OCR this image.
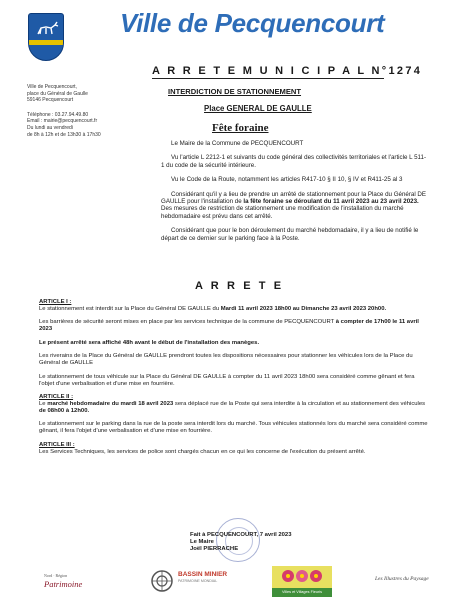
Ville de Pecquencourt
A R R E T E M U N I C I P A L N°1274
INTERDICTION DE STATIONNEMENT
Place GENERAL DE GAULLE
Fête foraine
Ville de Pecquencourt,
place du Général de Gaulle
59146 Pecquencourt
Téléphone : 03.27.94.49.80
Email : mairie@pecquencourt.fr
Du lundi au vendredi
de 8h à 12h et de 13h30 à 17h30

Le Maire de la Commune de PECQUENCOURT

Vu l'article L 2212-1 et suivants du code général des collectivités territoriales et l'article L 511-1 du code de la sécurité intérieure.

Vu le Code de la Route, notamment les articles R417-10 § II 10, § IV et R411-25 al 3

Considérant qu'il y a lieu de prendre un arrêté de stationnement pour la Place du Général DE GAULLE pour l'installation de la fête foraine se déroulant du 11 avril 2023 au 23 avril 2023. Des mesures de restriction de stationnement une modification de l'installation du marché hebdomadaire est prévu dans cet arrêté.

Considérant que pour le bon déroulement du marché hebdomadaire, il y a lieu de notifié le départ de ce dernier sur le parking face à la Poste.

A R R E T E

ARTICLE I :

Le stationnement est interdit sur la Place du Général DE GAULLE du Mardi 11 avril 2023 18h00 au Dimanche 23 avril 2023 20h00.

Les barrières de sécurité seront mises en place par les services technique de la commune de PECQUENCOURT à compter de 17h00 le 11 avril 2023

Le présent arrêté sera affiché 48h avant le début de l'installation des manèges.

Les riverains de la Place du Général de GAULLE prendront toutes les dispositions nécessaires pour stationner les véhicules lors de la Place du Général de GAULLE

Le stationnement de tous véhicule sur la Place du Général DE GAULLE à compter du 11 avril 2023 18h00 sera considéré comme gênant et fera l'objet d'une verbalisation et d'une mise en fourrière.

ARTICLE II :

Le marché hebdomadaire du mardi 18 avril 2023 sera déplacé rue de la Poste qui sera interdite à la circulation et au stationnement des véhicules de 08h00 à 12h00.

Le stationnement sur le parking dans la rue de la poste sera interdit lors du marché. Tous véhicules stationnés lors du marché sera considéré comme gênant, il fera l'objet d'une verbalisation et d'une mise en fourrière.

ARTICLE III :

Les Services Techniques, les services de police sont chargés chacun en ce qui les concerne de l'exécution du présent arrêté.

Fait à PECQUENCOURT, 7 avril 2023
Le Maire
Joël PIERRACHE
Nord · Région
Patrimoine
BASSIN MINIER
PATRIMOINE MONDIAL
Villes et Villages Fleuris
Les Illustres du Paysage
